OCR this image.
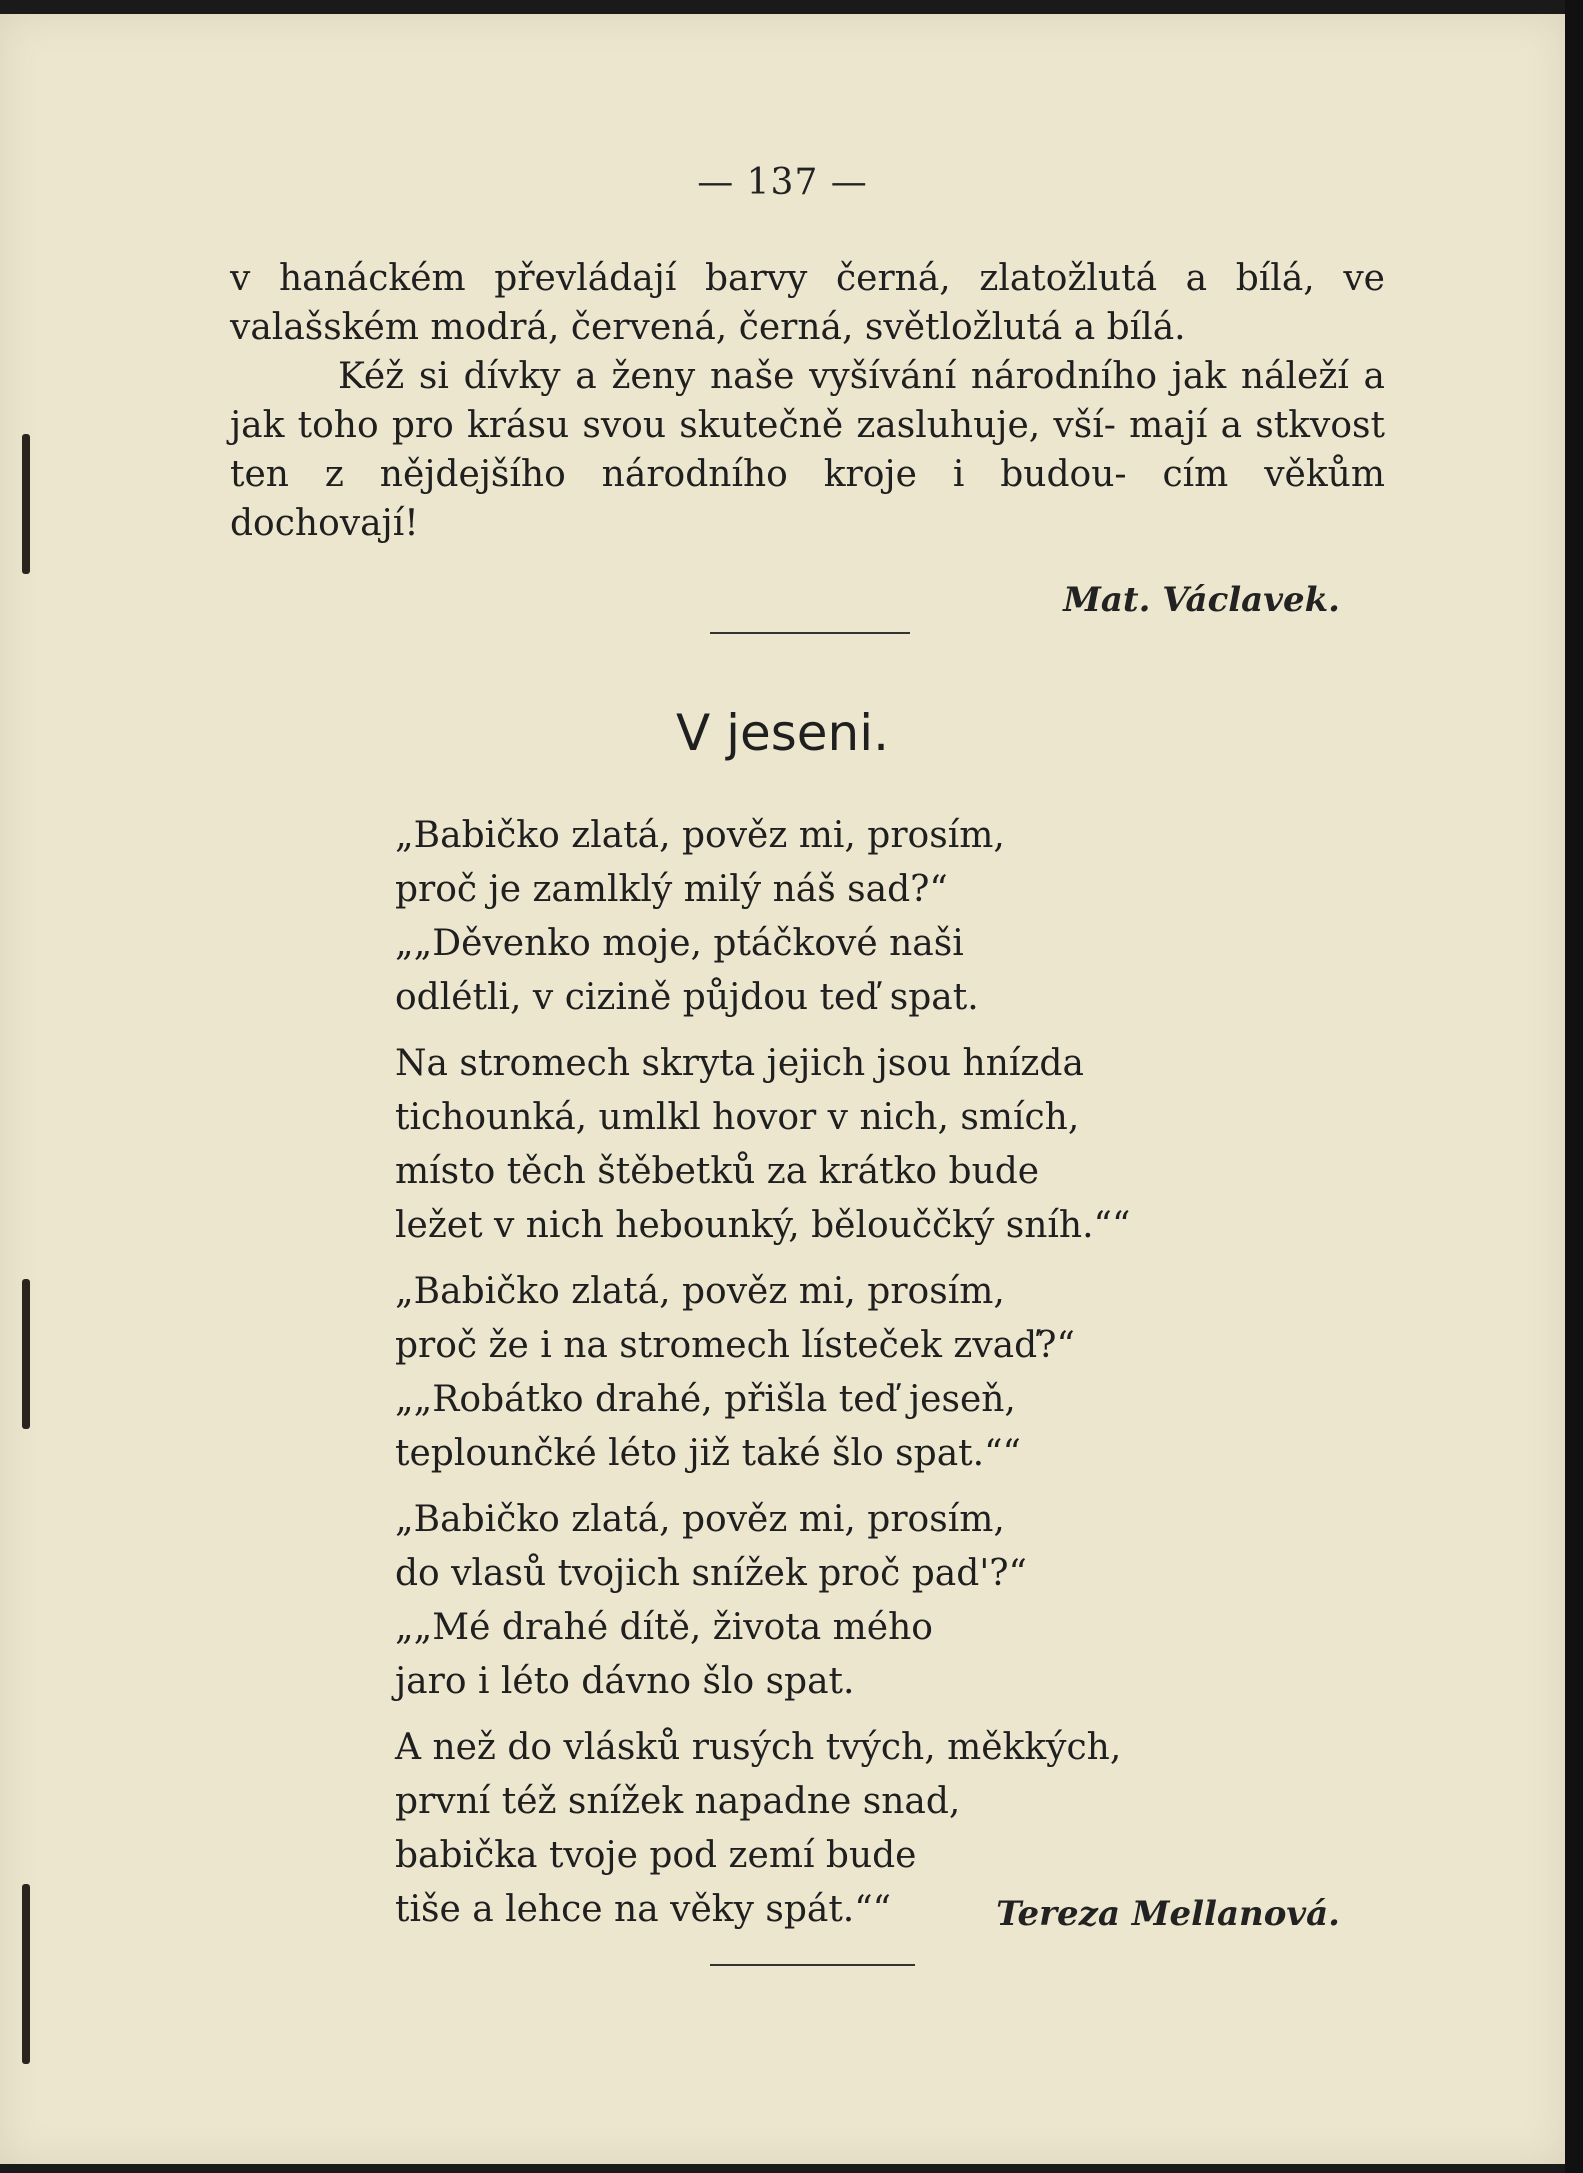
— 137 —

v hanáckém převládají barvy černá, zlatožlutá a bílá, ve valašském modrá, červená, černá, světložlutá a bílá.

Kéž si dívky a ženy naše vyšívání národního jak náleží a jak toho pro krásu svou skutečně zasluhuje, vší- mají a stkvost ten z nějdejšího národního kroje i budou- cím věkům dochovají!

Mat. Václavek.
V jeseni.
„Babičko zlatá, pověz mi, prosím,
proč je zamlklý milý náš sad?“
„„Děvenko moje, ptáčkové naši
odlétli, v cizině půjdou teď spat.
Na stromech skryta jejich jsou hnízda
tichounká, umlkl hovor v nich, smích,
místo těch štěbetků za krátko bude
ležet v nich hebounký, bělouččký sníh.““
„Babičko zlatá, pověz mi, prosím,
proč že i na stromech lísteček zvaď?“
„„Robátko drahé, přišla teď jeseň,
teplounčké léto již také šlo spat.““
„Babičko zlatá, pověz mi, prosím,
do vlasů tvojich snížek proč pad'?“
„„Mé drahé dítě, života mého
jaro i léto dávno šlo spat.
A než do vlásků rusých tvých, měkkých,
první též snížek napadne snad,
babička tvoje pod zemí bude
tiše a lehce na věky spát.““	Tereza Mellanová.
